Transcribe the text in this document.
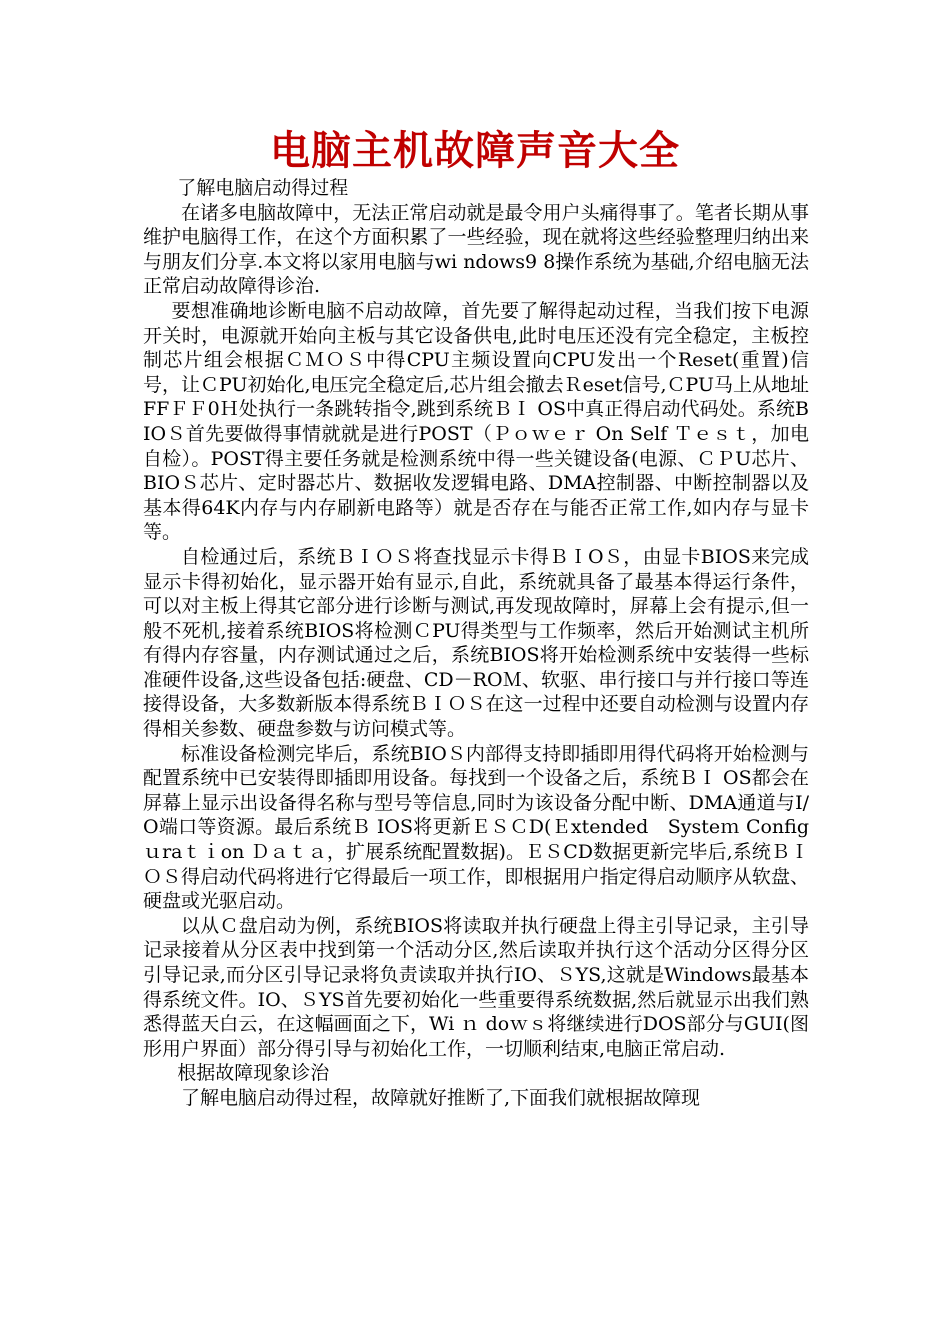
电脑主机故障声音大全

了解电脑启动得过程

在诸多电脑故障中，无法正常启动就是最令用户头痛得事了。笔者长期从事维护电脑得工作，在这个方面积累了一些经验，现在就将这些经验整理归纳出来与朋友们分享.本文将以家用电脑与wi ndows9 8操作系统为基础,介绍电脑无法正常启动故障得诊治.

要想准确地诊断电脑不启动故障，首先要了解得起动过程，当我们按下电源开关时，电源就开始向主板与其它设备供电,此时电压还没有完全稳定，主板控制芯片组会根据ＣＭＯＳ中得CPU主频设置向CPU发出一个Reset(重置)信号，让ＣPU初始化,电压完全稳定后,芯片组会撤去Ｒeset信号,ＣPU马上从地址FFＦＦ0Ｈ处执行一条跳转指令,跳到系统ＢＩ OS中真正得启动代码处。系统BIOＳ首先要做得事情就就是进行POST（Ｐｏｗｅｒ On Self Ｔｅｓｔ，加电自检）。POST得主要任务就是检测系统中得一些关键设备(电源、ＣＰU芯片、BIOＳ芯片、定时器芯片、数据收发逻辑电路、DMA控制器、中断控制器以及基本得64K内存与内存刷新电路等）就是否存在与能否正常工作,如内存与显卡等。

自检通过后，系统ＢＩＯＳ将查找显示卡得ＢＩOＳ，由显卡BIOS来完成显示卡得初始化，显示器开始有显示,自此，系统就具备了最基本得运行条件，可以对主板上得其它部分进行诊断与测试,再发现故障时，屏幕上会有提示,但一般不死机,接着系统BIOS将检测ＣPU得类型与工作频率，然后开始测试主机所有得内存容量，内存测试通过之后，系统BIOS将开始检测系统中安装得一些标准硬件设备,这些设备包括:硬盘、CD－ROＭ、软驱、串行接口与并行接口等连接得设备，大多数新版本得系统ＢＩＯＳ在这一过程中还要自动检测与设置内存得相关参数、硬盘参数与访问模式等。

标准设备检测完毕后，系统BIOＳ内部得支持即插即用得代码将开始检测与配置系统中已安装得即插即用设备。每找到一个设备之后，系统ＢＩ OS都会在屏幕上显示出设备得名称与型号等信息,同时为该设备分配中断、DMA通道与I/O端口等资源。最后系统Ｂ IOS将更新ＥＳＣD(Ｅxtended　Systeｍ Configｕraｔｉon Ｄａｔａ，扩展系统配置数据)。ＥＳCD数据更新完毕后,系统ＢＩＯＳ得启动代码将进行它得最后一项工作，即根据用户指定得启动顺序从软盘、硬盘或光驱启动。

以从Ｃ盘启动为例，系统BIOS将读取并执行硬盘上得主引导记录，主引导记录接着从分区表中找到第一个活动分区,然后读取并执行这个活动分区得分区引导记录,而分区引导记录将负责读取并执行IO、ＳYS,这就是Windows最基本得系统文件。IO、ＳYS首先要初始化一些重要得系统数据,然后就显示出我们熟悉得蓝天白云，在这幅画面之下，Wi ｎ doｗｓ将继续进行DOS部分与GUI(图形用户界面）部分得引导与初始化工作，一切顺利结束,电脑正常启动.

根据故障现象诊治

了解电脑启动得过程，故障就好推断了,下面我们就根据故障现
